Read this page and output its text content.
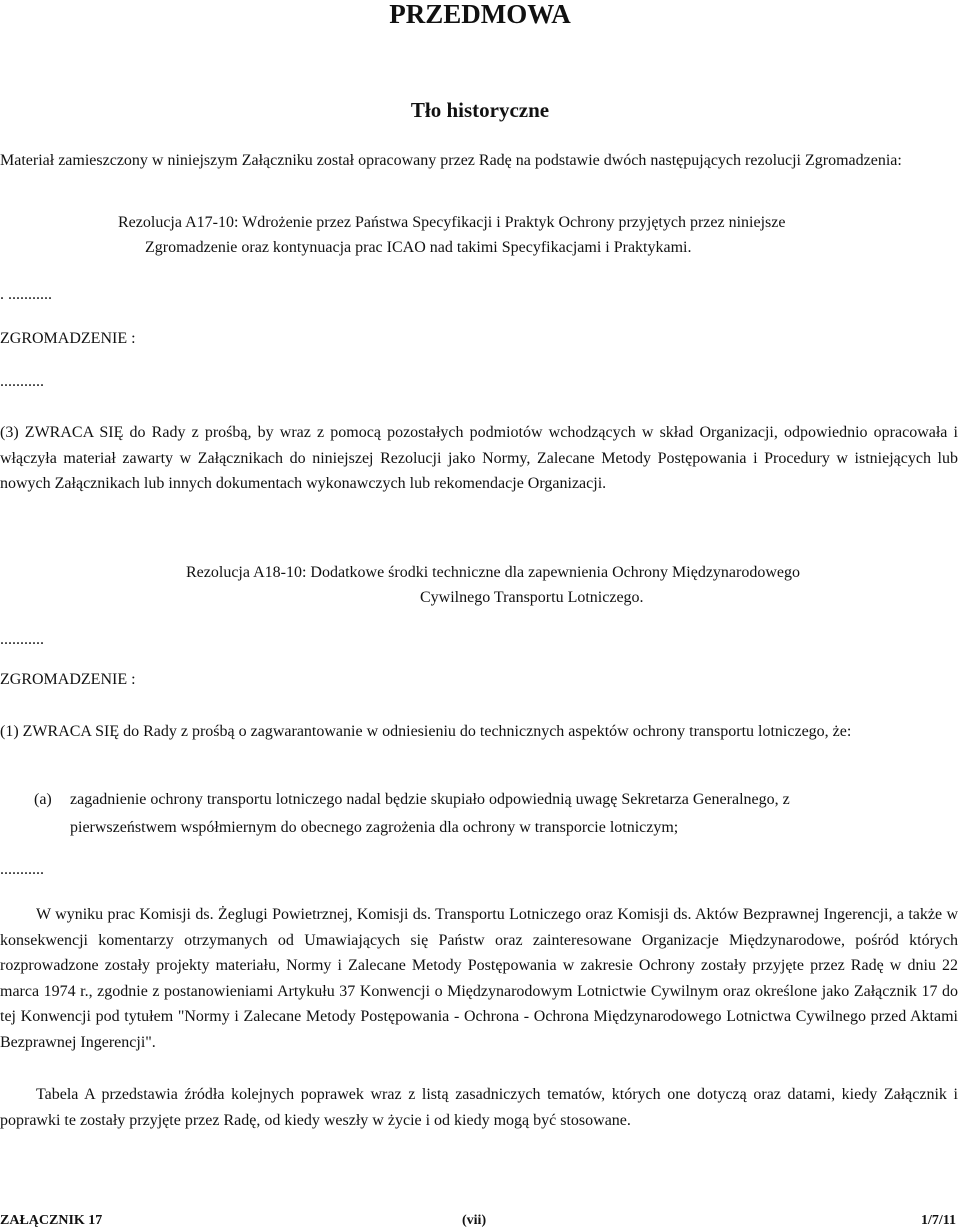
PRZEDMOWA
Tło historyczne
Materiał zamieszczony w niniejszym Załączniku został opracowany przez Radę na podstawie dwóch następujących rezolucji Zgromadzenia:
Rezolucja A17-10: Wdrożenie przez Państwa Specyfikacji i Praktyk Ochrony przyjętych przez niniejsze
Zgromadzenie oraz kontynuacja prac ICAO nad takimi Specyfikacjami i Praktykami.
. ...........
ZGROMADZENIE :
...........
(3) ZWRACA SIĘ do Rady z prośbą, by wraz z pomocą pozostałych podmiotów wchodzących w skład Organizacji, odpowiednio opracowała i włączyła materiał zawarty w Załącznikach do niniejszej Rezolucji jako Normy, Zalecane Metody Postępowania i Procedury w istniejących lub nowych Załącznikach lub innych dokumentach wykonawczych lub rekomendacje Organizacji.
Rezolucja A18-10: Dodatkowe środki techniczne dla zapewnienia Ochrony Międzynarodowego
Cywilnego Transportu Lotniczego.
...........
ZGROMADZENIE :
(1) ZWRACA SIĘ do Rady z prośbą o zagwarantowanie w odniesieniu do technicznych aspektów ochrony transportu lotniczego, że:
(a) zagadnienie ochrony transportu lotniczego nadal będzie skupiało odpowiednią uwagę Sekretarza Generalnego, z
pierwszeństwem współmiernym do obecnego zagrożenia dla ochrony w transporcie lotniczym;
...........
W wyniku prac Komisji ds. Żeglugi Powietrznej, Komisji ds. Transportu Lotniczego oraz Komisji ds. Aktów Bezprawnej Ingerencji, a także w konsekwencji komentarzy otrzymanych od Umawiających się Państw oraz zainteresowane Organizacje Międzynarodowe, pośród których rozprowadzone zostały projekty materiału, Normy i Zalecane Metody Postępowania w zakresie Ochrony zostały przyjęte przez Radę w dniu 22 marca 1974 r., zgodnie z postanowieniami Artykułu 37 Konwencji o Międzynarodowym Lotnictwie Cywilnym oraz określone jako Załącznik 17 do tej Konwencji pod tytułem "Normy i Zalecane Metody Postępowania - Ochrona - Ochrona Międzynarodowego Lotnictwa Cywilnego przed Aktami Bezprawnej Ingerencji".
Tabela A przedstawia źródła kolejnych poprawek wraz z listą zasadniczych tematów, których one dotyczą oraz datami, kiedy Załącznik i poprawki te zostały przyjęte przez Radę, od kiedy weszły w życie i od kiedy mogą być stosowane.
ZAŁĄCZNIK 17	(vii)	1/7/11
